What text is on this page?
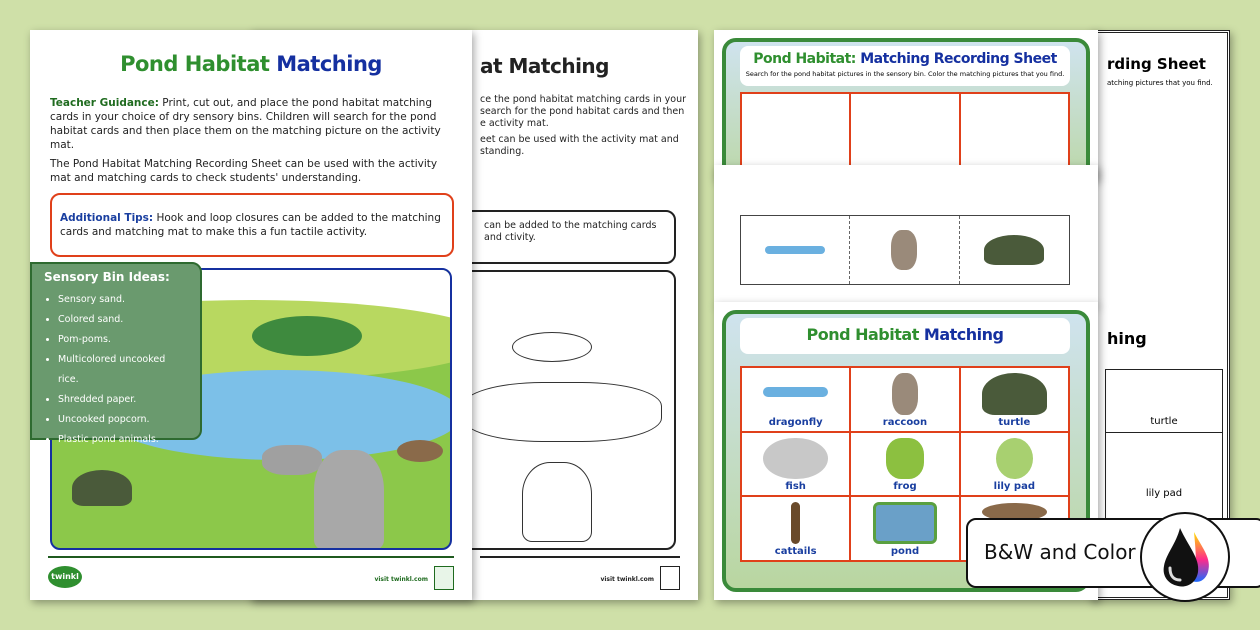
at Matching
ce the pond habitat matching cards in your
search for the pond habitat cards and then
e activity mat.
eet can be used with the activity mat and
standing.
can be added to the matching cards and ctivity.
visit twinkl.com
Pond Habitat Matching

Teacher Guidance: Print, cut out, and place the pond habitat matching cards in your choice of dry sensory bins. Children will search for the pond habitat cards and then place them on the matching picture on the activity mat.

The Pond Habitat Matching Recording Sheet can be used with the activity mat and matching cards to check students' understanding.

Additional Tips: Hook and loop closures can be added to the matching cards and matching mat to make this a fun tactile activity.

twinkl	visit twinkl.com
Sensory Bin Ideas:
• Sensory sand.
• Colored sand.
• Pom-poms.
• Multicolored uncooked rice.
• Shredded paper.
• Uncooked popcorn.
• Plastic pond animals.
rding Sheet
atching pictures that you find.
hing
turtle
lily pad
Pond Habitat: Matching Recording Sheet
Search for the pond habitat pictures in the sensory bin. Color the matching pictures that you find.
Pond Habitat Matching
dragonfly	raccoon	turtle
fish	frog	lily pad
cattails	pond	B&W and Color
